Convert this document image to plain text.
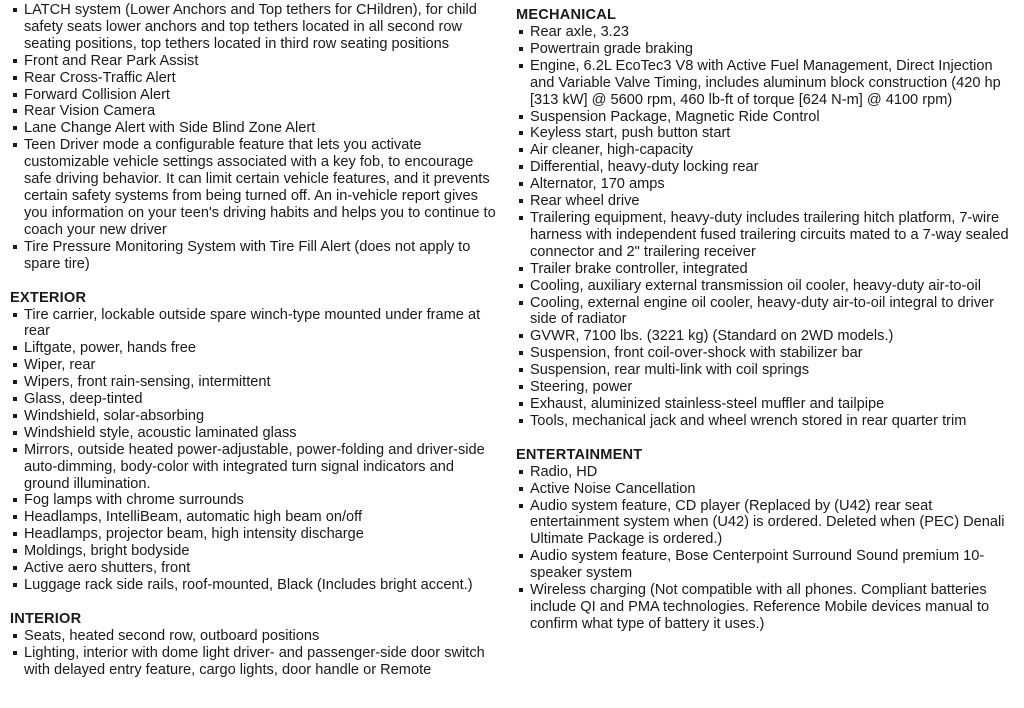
LATCH system (Lower Anchors and Top tethers for CHildren), for child safety seats lower anchors and top tethers located in all second row seating positions, top tethers located in third row seating positions
Front and Rear Park Assist
Rear Cross-Traffic Alert
Forward Collision Alert
Rear Vision Camera
Lane Change Alert with Side Blind Zone Alert
Teen Driver mode a configurable feature that lets you activate customizable vehicle settings associated with a key fob, to encourage safe driving behavior. It can limit certain vehicle features, and it prevents certain safety systems from being turned off. An in-vehicle report gives you information on your teen's driving habits and helps you to continue to coach your new driver
Tire Pressure Monitoring System with Tire Fill Alert (does not apply to spare tire)
EXTERIOR
Tire carrier, lockable outside spare winch-type mounted under frame at rear
Liftgate, power, hands free
Wiper, rear
Wipers, front rain-sensing, intermittent
Glass, deep-tinted
Windshield, solar-absorbing
Windshield style, acoustic laminated glass
Mirrors, outside heated power-adjustable, power-folding and driver-side auto-dimming, body-color with integrated turn signal indicators and ground illumination.
Fog lamps with chrome surrounds
Headlamps, IntelliBeam, automatic high beam on/off
Headlamps, projector beam, high intensity discharge
Moldings, bright bodyside
Active aero shutters, front
Luggage rack side rails, roof-mounted, Black (Includes bright accent.)
INTERIOR
Seats, heated second row, outboard positions
Lighting, interior with dome light driver- and passenger-side door switch with delayed entry feature, cargo lights, door handle or Remote
MECHANICAL
Rear axle, 3.23
Powertrain grade braking
Engine, 6.2L EcoTec3 V8 with Active Fuel Management, Direct Injection and Variable Valve Timing, includes aluminum block construction (420 hp [313 kW] @ 5600 rpm, 460 lb-ft of torque [624 N-m] @ 4100 rpm)
Suspension Package, Magnetic Ride Control
Keyless start, push button start
Air cleaner, high-capacity
Differential, heavy-duty locking rear
Alternator, 170 amps
Rear wheel drive
Trailering equipment, heavy-duty includes trailering hitch platform, 7-wire harness with independent fused trailering circuits mated to a 7-way sealed connector and 2" trailering receiver
Trailer brake controller, integrated
Cooling, auxiliary external transmission oil cooler, heavy-duty air-to-oil
Cooling, external engine oil cooler, heavy-duty air-to-oil integral to driver side of radiator
GVWR, 7100 lbs. (3221 kg) (Standard on 2WD models.)
Suspension, front coil-over-shock with stabilizer bar
Suspension, rear multi-link with coil springs
Steering, power
Exhaust, aluminized stainless-steel muffler and tailpipe
Tools, mechanical jack and wheel wrench stored in rear quarter trim
ENTERTAINMENT
Radio, HD
Active Noise Cancellation
Audio system feature, CD player (Replaced by (U42) rear seat entertainment system when (U42) is ordered. Deleted when (PEC) Denali Ultimate Package is ordered.)
Audio system feature, Bose Centerpoint Surround Sound premium 10-speaker system
Wireless charging (Not compatible with all phones. Compliant batteries include QI and PMA technologies. Reference Mobile devices manual to confirm what type of battery it uses.)
